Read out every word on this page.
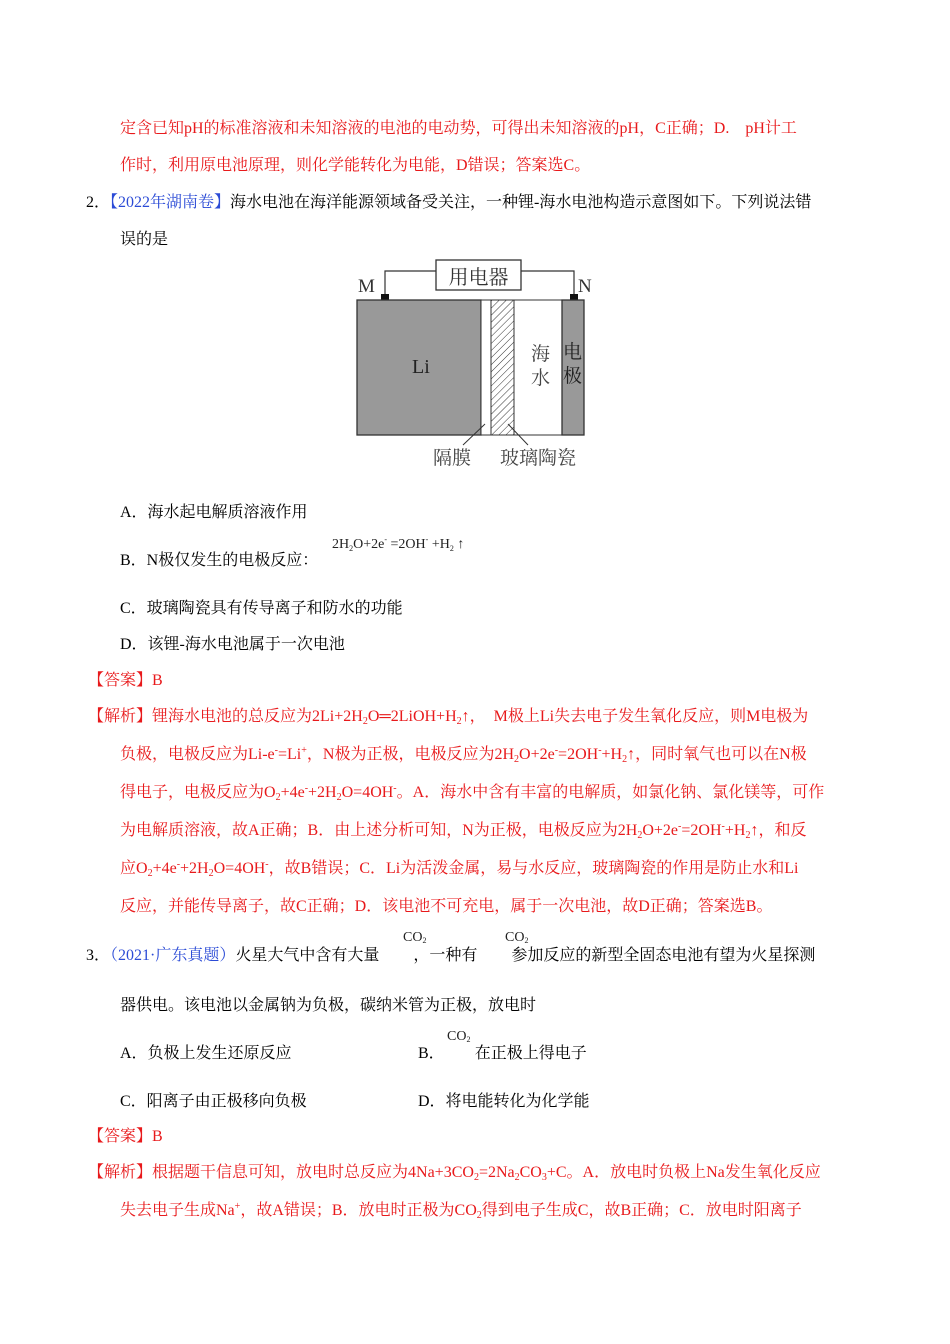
定含已知pH的标准溶液和未知溶液的电池的电动势，可得出未知溶液的pH，C正确；D.　pH计工
作时，利用原电池原理，则化学能转化为电能，D错误；答案选C。
2．【2022年湖南卷】海水电池在海洋能源领域备受关注，一种锂-海水电池构造示意图如下。下列说法错
误的是
用电器
M	N
Li
海
水
电
极
隔膜 玻璃陶瓷
A．海水起电解质溶液作用
B．N极仅发生的电极反应：
$2H_2O+2e^- =2OH^- +H_2$ ↑
C．玻璃陶瓷具有传导离子和防水的功能
D．该锂-海水电池属于一次电池
【答案】B
【解析】锂海水电池的总反应为$2Li+2H_2O═2LiOH+H_2↑$，　M极上Li失去电子发生氧化反应，则M电极为
负极，电极反应为Li-e-=Li+，N极为正极，电极反应为$2H_2O+2e^-=2OH^-+H_2↑$，同时氧气也可以在N极
得电子，电极反应为$O_2+4e^-+2H_2O=4OH^-$。A．海水中含有丰富的电解质，如氯化钠、氯化镁等，可作
为电解质溶液，故A正确；B．由上述分析可知，N为正极，电极反应为$2H_2O+2e^-=2OH^-+H_2↑$，和反
应$O_2+4e^-+2H_2O=4OH^-$，故B错误；C．Li为活泼金属，易与水反应，玻璃陶瓷的作用是防止水和Li
反应，并能传导离子，故C正确；D．该电池不可充电，属于一次电池，故D正确；答案选B。
3．（2021·广东真题）火星大气中含有大量 ，一种有 参加反应的新型全固态电池有望为火星探测
$CO_2$	$CO_2$
器供电。该电池以金属钠为负极，碳纳米管为正极，放电时
A．负极上发生还原反应	B． 在正极上得电子
$CO_2$
C．阳离子由正极移向负极	D．将电能转化为化学能
【答案】B
【解析】根据题干信息可知，放电时总反应为$4Na+3CO_2=2Na_2CO_3+C$。A．放电时负极上Na发生氧化反应
失去电子生成Na+，故A错误；B．放电时正极为$CO_2$得到电子生成C，故B正确；C．放电时阳离子
